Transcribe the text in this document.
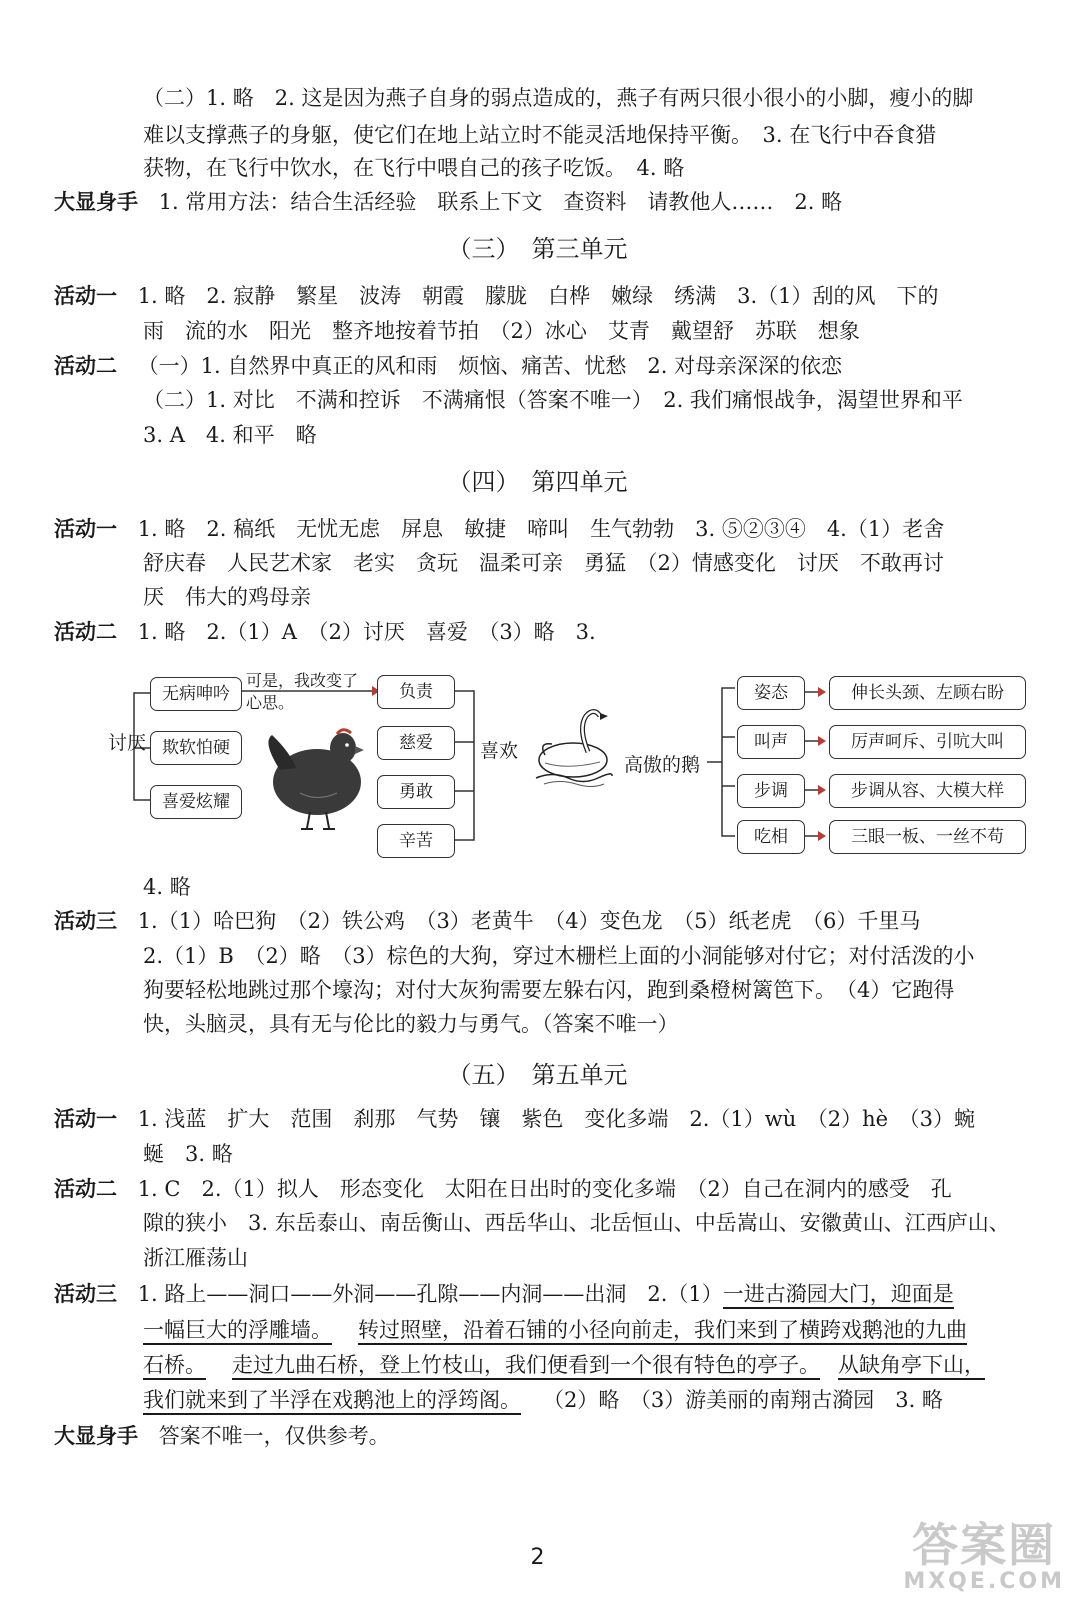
（二）1. 略　2. 这是因为燕子自身的弱点造成的，燕子有两只很小很小的小脚，瘦小的脚
难以支撑燕子的身躯，使它们在地上站立时不能灵活地保持平衡。　3. 在飞行中吞食猎
获物，在飞行中饮水，在飞行中喂自己的孩子吃饭。　4. 略
大显身手 1. 常用方法：结合生活经验　联系上下文　查资料　请教他人……　2. 略
（三）　第三单元
活动一 1. 略　2. 寂静　繁星　波涛　朝霞　朦胧　白桦　嫩绿　绣满　3.（1）刮的风　下的
雨　流的水　阳光　整齐地按着节拍　（2）冰心　艾青　戴望舒　苏联　想象
活动二 （一）1. 自然界中真正的风和雨　烦恼、痛苦、忧愁　2. 对母亲深深的依恋
（二）1. 对比　不满和控诉　不满痛恨（答案不唯一）　2. 我们痛恨战争，渴望世界和平
3. A　4. 和平　略
（四）　第四单元
活动一 1. 略　2. 稿纸　无忧无虑　屏息　敏捷　啼叫　生气勃勃　3. ⑤②③④　4.（1）老舍
舒庆春　人民艺术家　老实　贪玩　温柔可亲　勇猛　（2）情感变化　讨厌　不敢再讨
厌　伟大的鸡母亲
活动二 1. 略　2.（1）A　（2）讨厌　喜爱　（3）略　3.
讨厌
无病呻吟
欺软怕硬
喜爱炫耀
可是，我改变了心思。
负责
慈爱
勇敢
辛苦
喜欢
高傲的鹅
姿态
叫声
步调
吃相
伸长头颈、左顾右盼
厉声呵斥、引吭大叫
步调从容、大模大样
三眼一板、一丝不苟
4. 略
活动三 1.（1）哈巴狗　（2）铁公鸡　（3）老黄牛　（4）变色龙　（5）纸老虎　（6）千里马
2.（1）B　（2）略　（3）棕色的大狗，穿过木栅栏上面的小洞能够对付它；对付活泼的小
狗要轻松地跳过那个壕沟；对付大灰狗需要左躲右闪，跑到桑橙树篱笆下。　（4）它跑得
快，头脑灵，具有无与伦比的毅力与勇气。（答案不唯一）
（五）　第五单元
活动一 1. 浅蓝　扩大　范围　刹那　气势　镶　紫色　变化多端　2.（1）wù　（2）hè　（3）蜿
蜒　3. 略
活动二 1. C　2.（1）拟人　形态变化　太阳在日出时的变化多端　（2）自己在洞内的感受　孔
隙的狭小　3. 东岳泰山、南岳衡山、西岳华山、北岳恒山、中岳嵩山、安徽黄山、江西庐山、
浙江雁荡山
活动三 1. 路上——洞口——外洞——孔隙——内洞——出洞　2.（1）一进古漪园大门，迎面是
一幅巨大的浮雕墙。 转过照壁，沿着石铺的小径向前走，我们来到了横跨戏鹅池的九曲
石桥。 走过九曲石桥，登上竹枝山，我们便看到一个很有特色的亭子。 从缺角亭下山，
我们就来到了半浮在戏鹅池上的浮筠阁。 （2）略　（3）游美丽的南翔古漪园　3. 略
大显身手 答案不唯一，仅供参考。
2	答案圈
MXQE.COM
